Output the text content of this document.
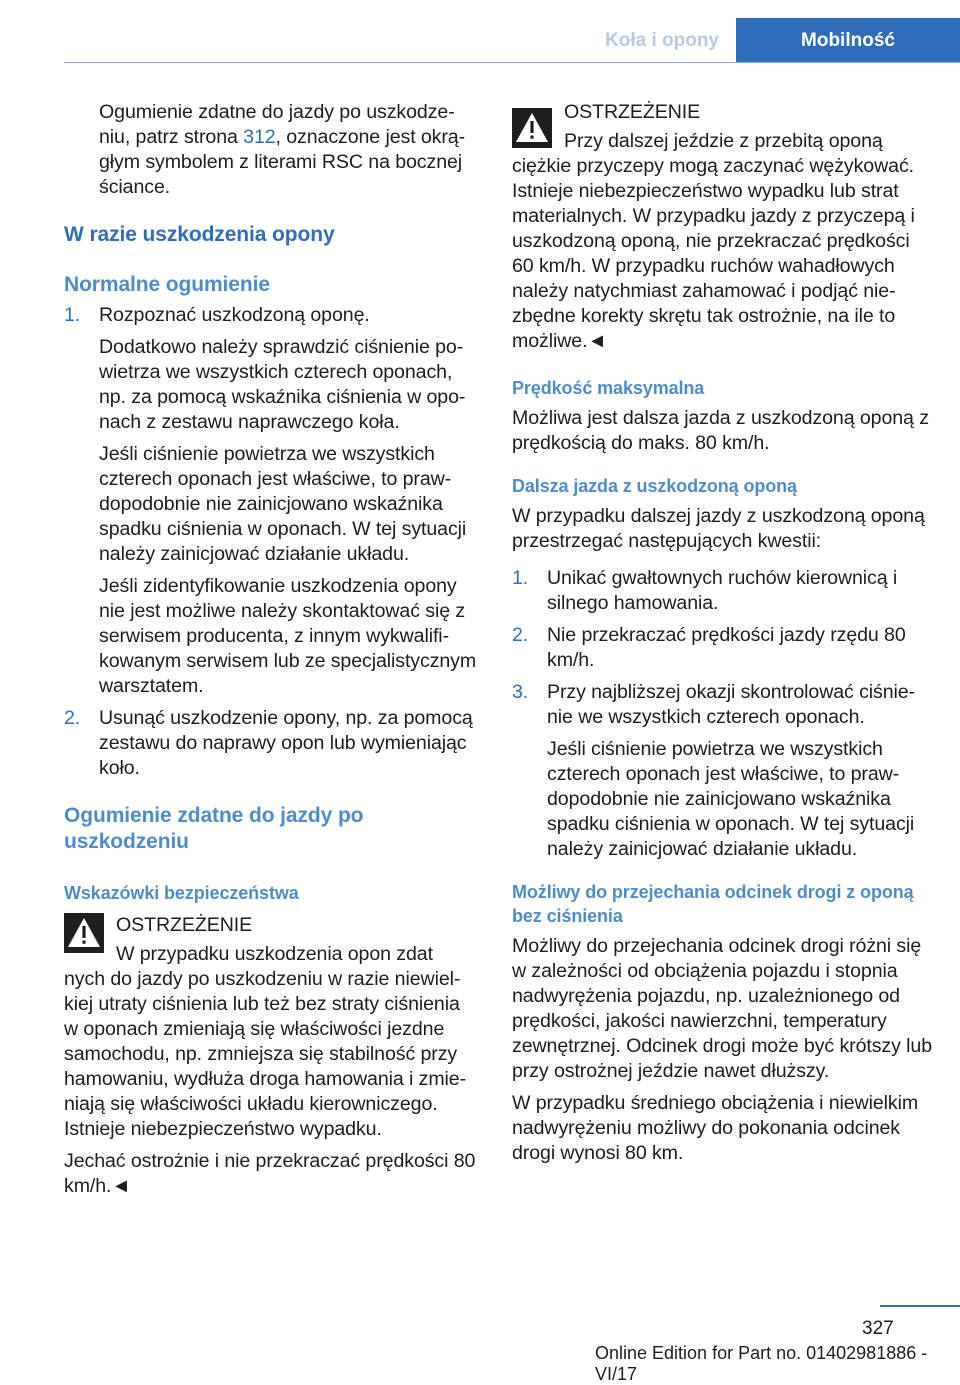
Koła i opony	Mobilność

Ogumienie zdatne do jazdy po uszkodzeniu, patrz strona 312, oznaczone jest okrągłym symbolem z literami RSC na bocznej ściance.

W razie uszkodzenia opony
Normalne ogumienie
1. Rozpoznać uszkodzoną oponę.

Dodatkowo należy sprawdzić ciśnienie powietrza we wszystkich czterech oponach, np. za pomocą wskaźnika ciśnienia w oponach z zestawu naprawczego koła.

Jeśli ciśnienie powietrza we wszystkich czterech oponach jest właściwe, to prawdopodobnie nie zainicjowano wskaźnika spadku ciśnienia w oponach. W tej sytuacji należy zainicjować działanie układu.

Jeśli zidentyfikowanie uszkodzenia opony nie jest możliwe należy skontaktować się z serwisem producenta, z innym wykwalifikowanym serwisem lub ze specjalistycznym warsztatem.

2. Usunąć uszkodzenie opony, np. za pomocą zestawu do naprawy opon lub wymieniając koło.

Ogumienie zdatne do jazdy po uszkodzeniu
Wskazówki bezpieczeństwa

OSTRZEŻENIE

W przypadku uszkodzenia opon zdat

nych do jazdy po uszkodzeniu w razie niewielkiej utraty ciśnienia lub też bez straty ciśnienia w oponach zmieniają się właściwości jezdne samochodu, np. zmniejsza się stabilność przy hamowaniu, wydłuża droga hamowania i zmieniają się właściwości układu kierowniczego. Istnieje niebezpieczeństwo wypadku.

Jechać ostrożnie i nie przekraczać prędkości 80 km/h.◄

OSTRZEŻENIE

Przy dalszej jeździe z przebitą oponą

ciężkie przyczepy mogą zaczynać wężykować. Istnieje niebezpieczeństwo wypadku lub strat materialnych. W przypadku jazdy z przyczepą i uszkodzoną oponą, nie przekraczać prędkości 60 km/h. W przypadku ruchów wahadłowych należy natychmiast zahamować i podjąć niezbędne korekty skrętu tak ostrożnie, na ile to możliwe.◄

Prędkość maksymalna

Możliwa jest dalsza jazda z uszkodzoną oponą z prędkością do maks. 80 km/h.

Dalsza jazda z uszkodzoną oponą

W przypadku dalszej jazdy z uszkodzoną oponą przestrzegać następujących kwestii:

1. Unikać gwałtownych ruchów kierownicą i silnego hamowania.

2. Nie przekraczać prędkości jazdy rzędu 80 km/h.

3. Przy najbliższej okazji skontrolować ciśnienie we wszystkich czterech oponach.

Jeśli ciśnienie powietrza we wszystkich czterech oponach jest właściwe, to prawdopodobnie nie zainicjowano wskaźnika spadku ciśnienia w oponach. W tej sytuacji należy zainicjować działanie układu.

Możliwy do przejechania odcinek drogi z oponą bez ciśnienia

Możliwy do przejechania odcinek drogi różni się w zależności od obciążenia pojazdu i stopnia nadwyrężenia pojazdu, np. uzależnionego od prędkości, jakości nawierzchni, temperatury zewnętrznej. Odcinek drogi może być krótszy lub przy ostrożnej jeździe nawet dłuższy.

W przypadku średniego obciążenia i niewielkim nadwyrężeniu możliwy do pokonania odcinek drogi wynosi 80 km.

327
Online Edition for Part no. 01402981886 - VI/17
